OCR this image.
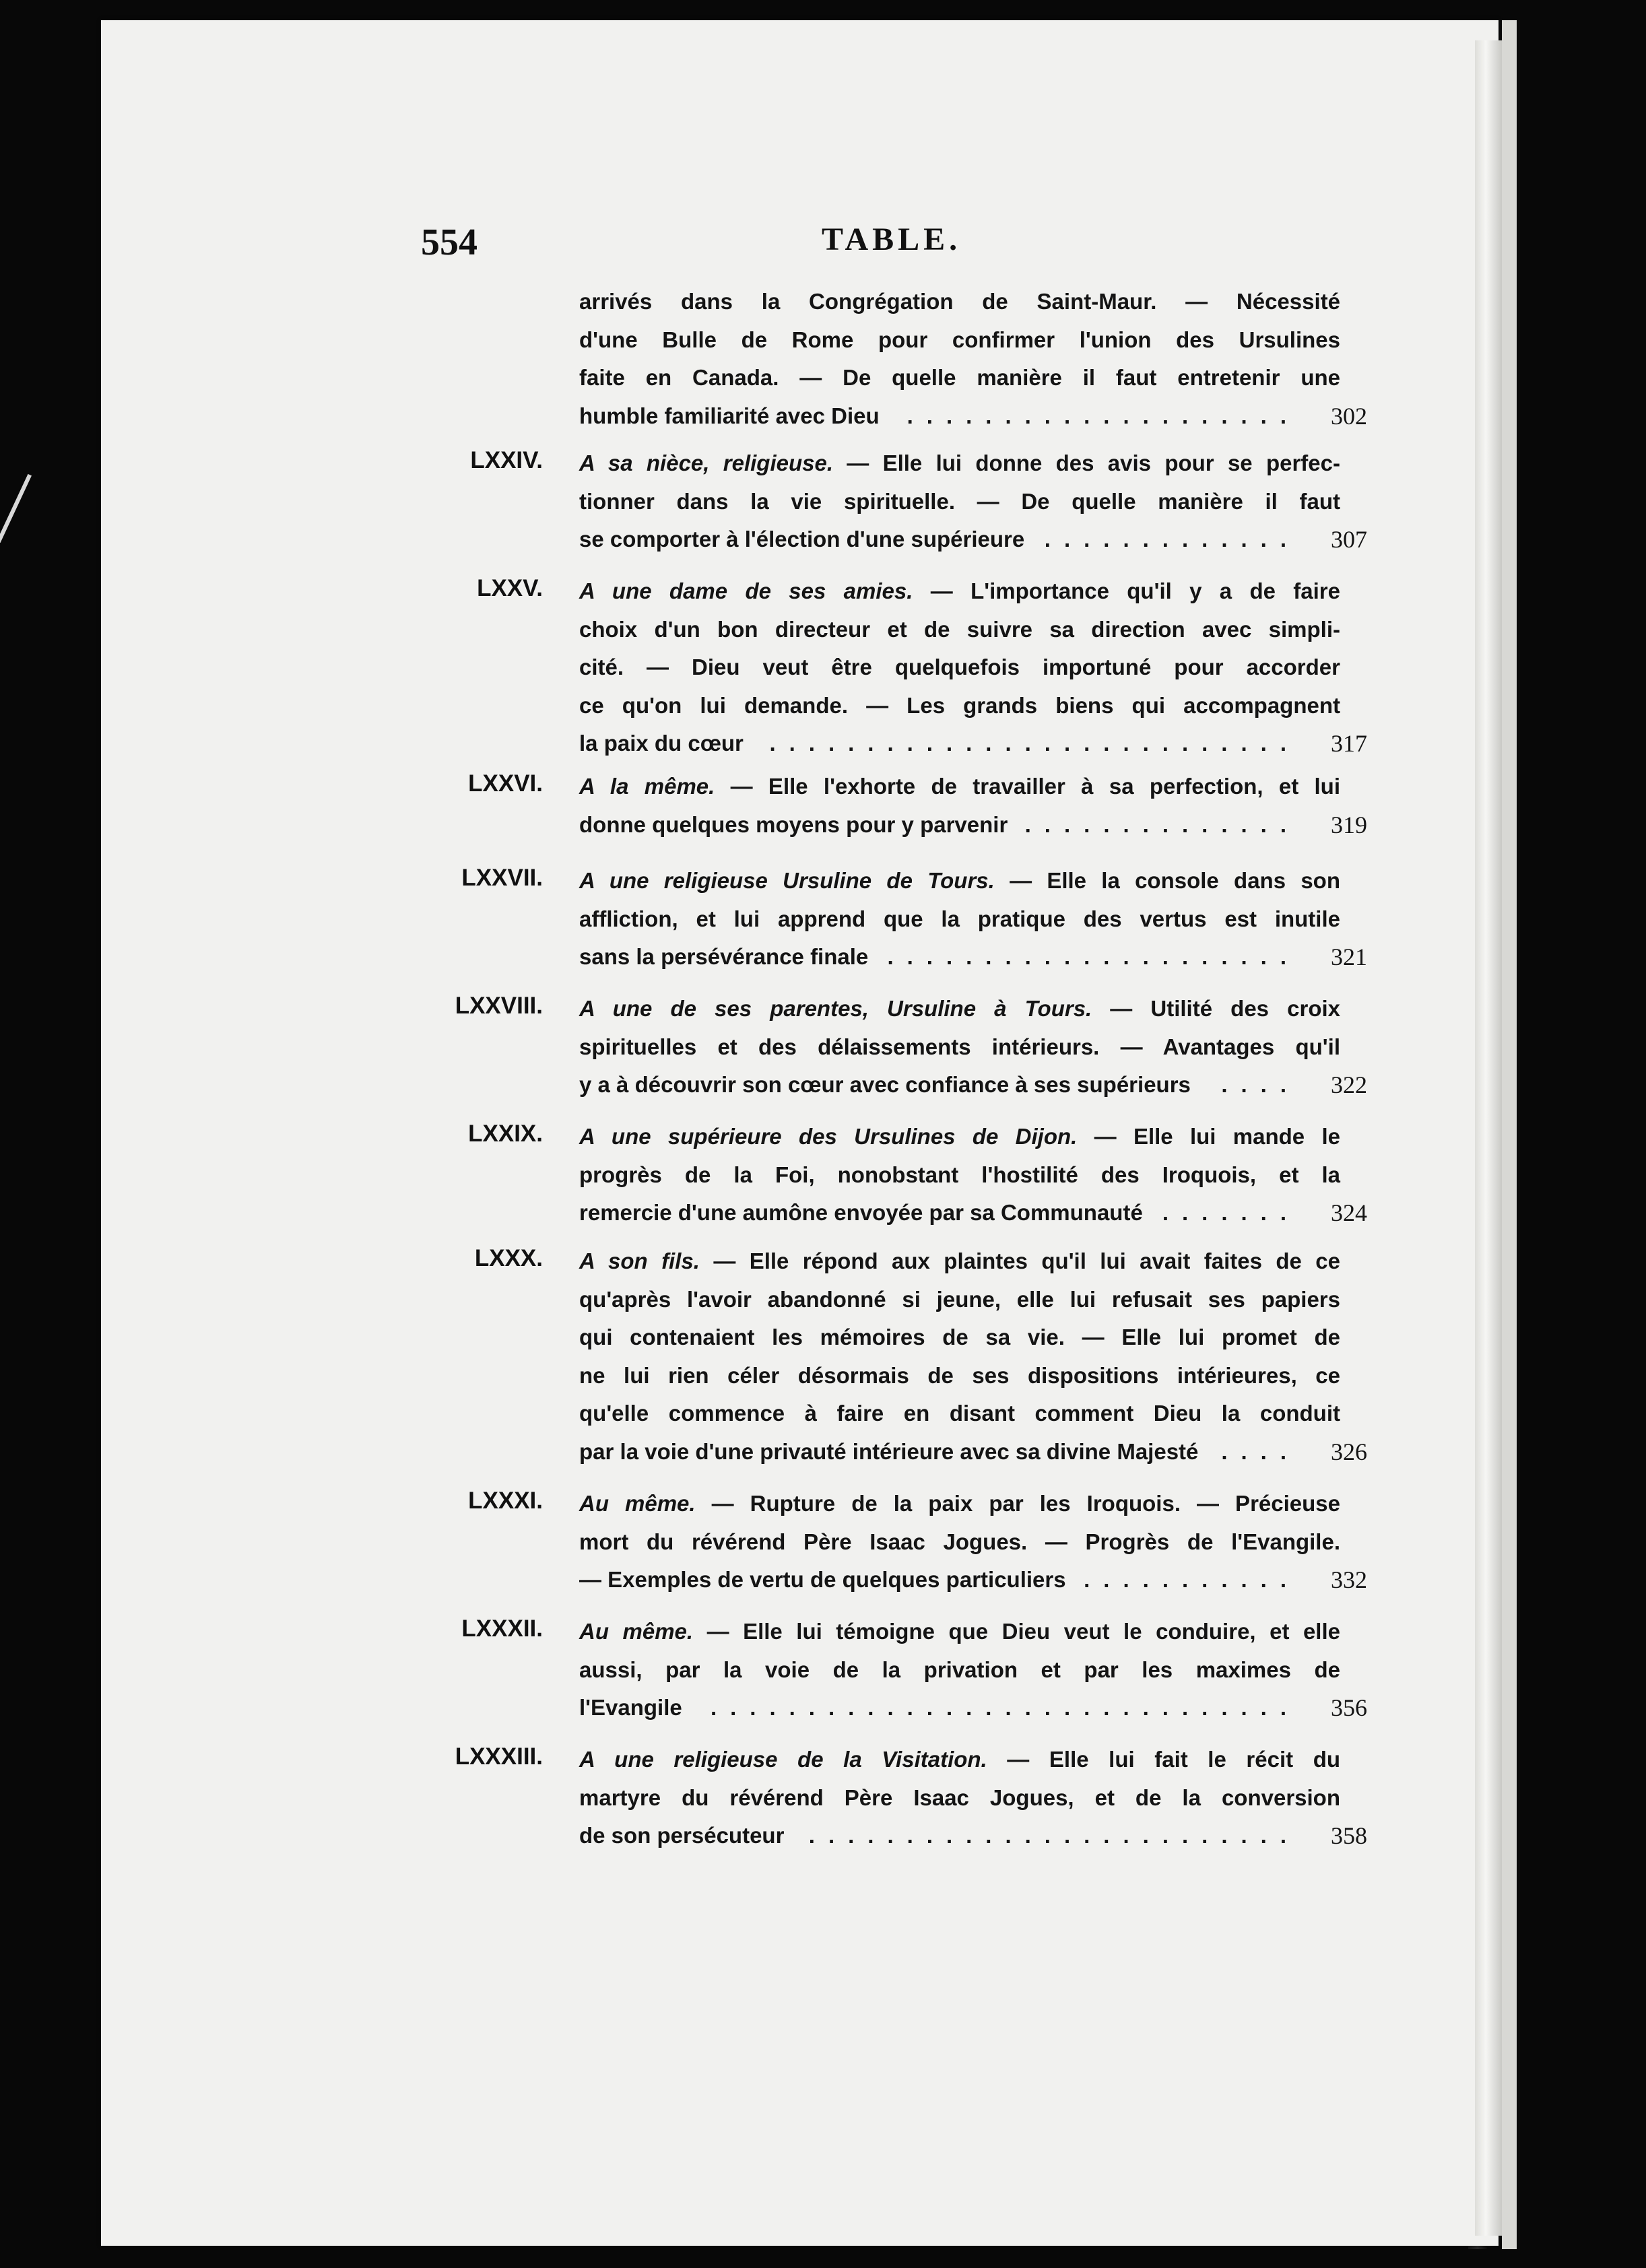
554	TABLE.
arrivés dans la Congrégation de Saint-Maur. — Nécessité
d'une Bulle de Rome pour confirmer l'union des Ursulines
faite en Canada. — De quelle manière il faut entretenir une
humble familiarité avec Dieu	....................	302
LXXIV. A sa nièce, religieuse. — Elle lui donne des avis pour se perfec-
tionner dans la vie spirituelle. — De quelle manière il faut
se comporter à l'élection d'une supérieure .............	307
LXXV. A une dame de ses amies. — L'importance qu'il y a de faire
choix d'un bon directeur et de suivre sa direction avec simpli-
cité. — Dieu veut être quelquefois importuné pour accorder
ce qu'on lui demande. — Les grands biens qui accompagnent
la paix du cœur	...........................	317
LXXVI. A la même. — Elle l'exhorte de travailler à sa perfection, et lui
donne quelques moyens pour y parvenir ..............	319
LXXVII. A une religieuse Ursuline de Tours. — Elle la console dans son
affliction, et lui apprend que la pratique des vertus est inutile
sans la persévérance finale .....................	321
LXXVIII. A une de ses parentes, Ursuline à Tours. — Utilité des croix
spirituelles et des délaissements intérieurs. — Avantages qu'il
y a à découvrir son cœur avec confiance à ses supérieurs	....	322
LXXIX. A une supérieure des Ursulines de Dijon. — Elle lui mande le
progrès de la Foi, nonobstant l'hostilité des Iroquois, et la
remercie d'une aumône envoyée par sa Communauté .......	324
LXXX. A son fils. — Elle répond aux plaintes qu'il lui avait faites de ce
qu'après l'avoir abandonné si jeune, elle lui refusait ses papiers
qui contenaient les mémoires de sa vie. — Elle lui promet de
ne lui rien céler désormais de ses dispositions intérieures, ce
qu'elle commence à faire en disant comment Dieu la conduit
par la voie d'une privauté intérieure avec sa divine Majesté	....	326
LXXXI. Au même. — Rupture de la paix par les Iroquois. — Précieuse
mort du révérend Père Isaac Jogues. — Progrès de l'Evangile.
— Exemples de vertu de quelques particuliers ...........	332
LXXXII. Au même. — Elle lui témoigne que Dieu veut le conduire, et elle
aussi, par la voie de la privation et par les maximes de
l'Evangile	..............................	356
LXXXIII. A une religieuse de la Visitation. — Elle lui fait le récit du
martyre du révérend Père Isaac Jogues, et de la conversion
de son persécuteur	.........................	358
